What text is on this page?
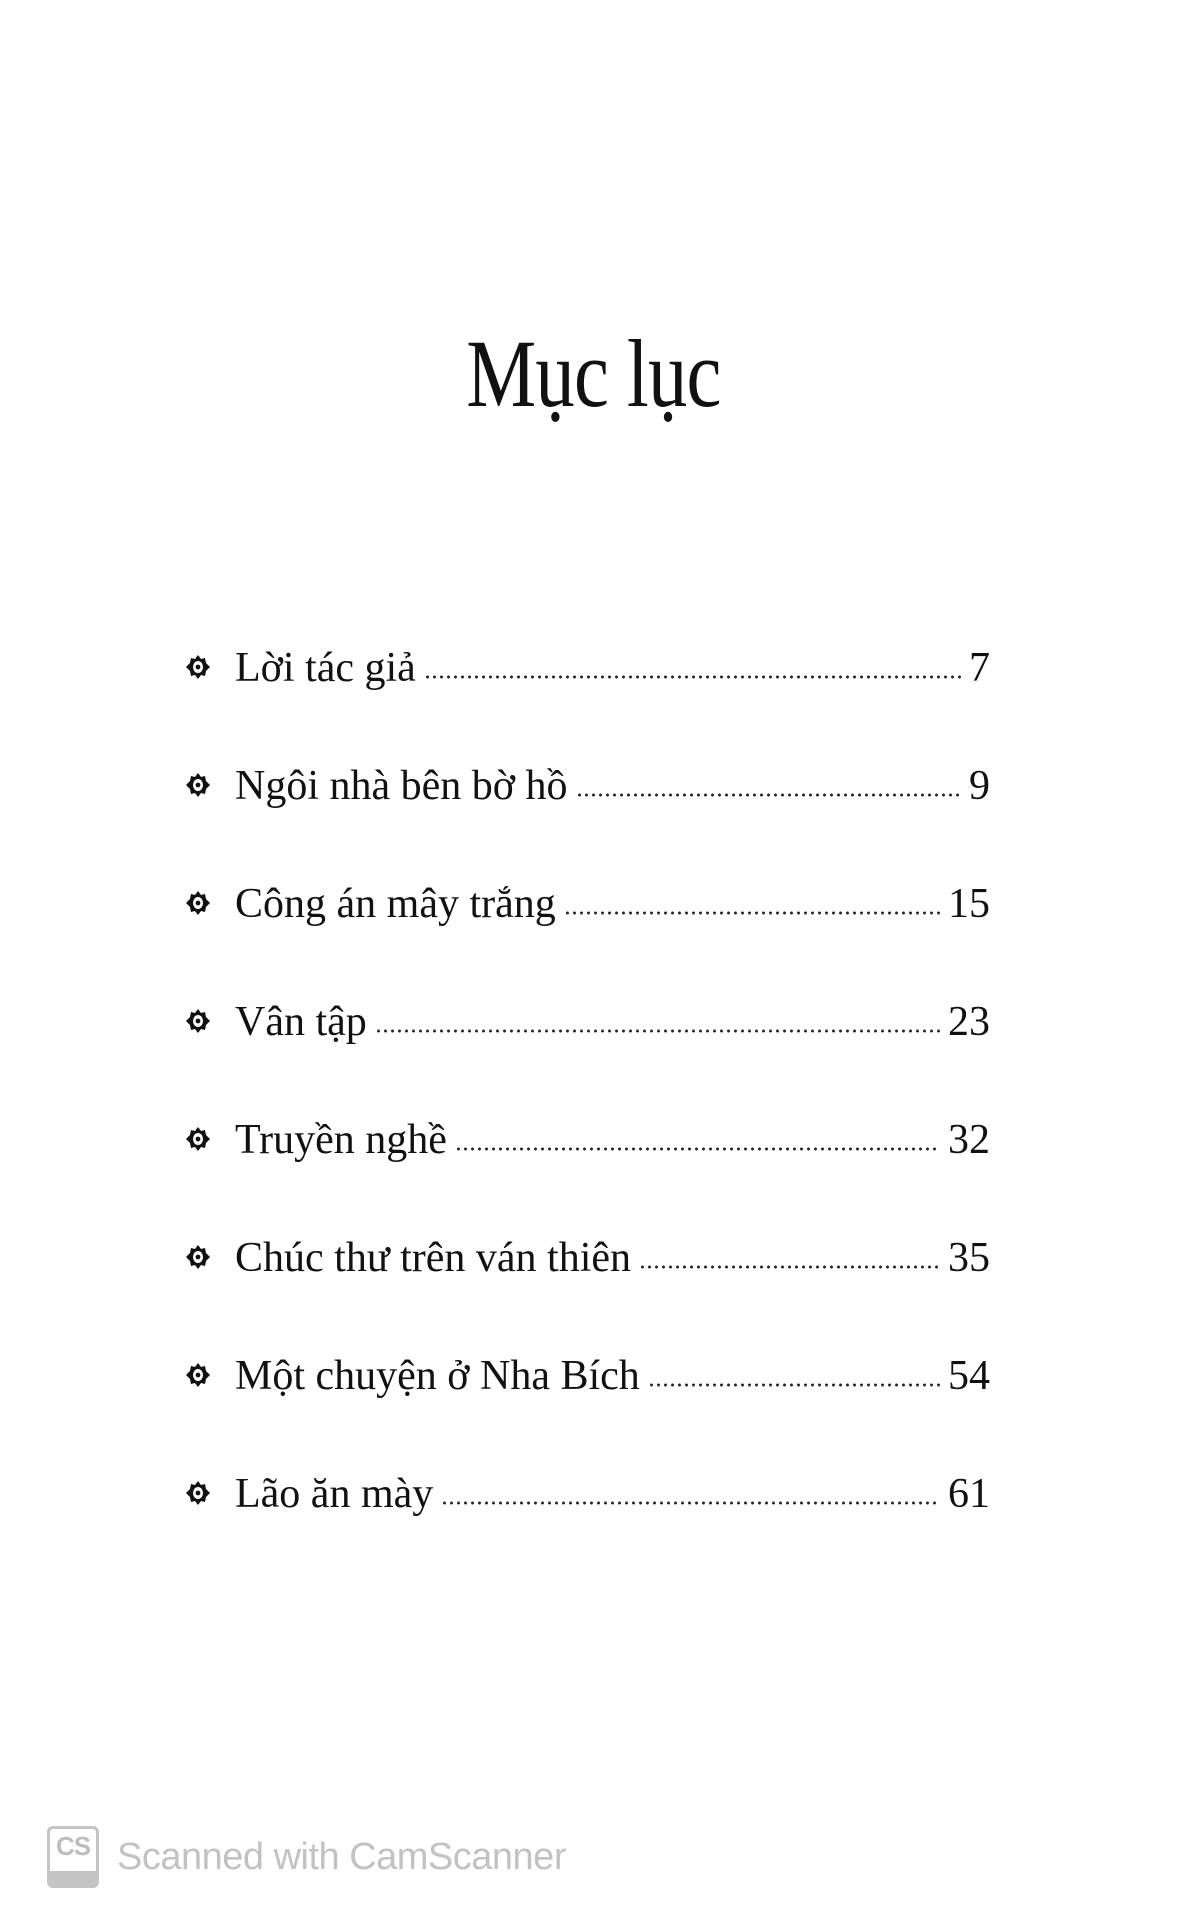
Mục lục
Lời tác giả	7
Ngôi nhà bên bờ hồ	9
Công án mây trắng	15
Vân tập	23
Truyền nghề	32
Chúc thư trên ván thiên	35
Một chuyện ở Nha Bích	54
Lão ăn mày	61
CS Scanned with CamScanner
